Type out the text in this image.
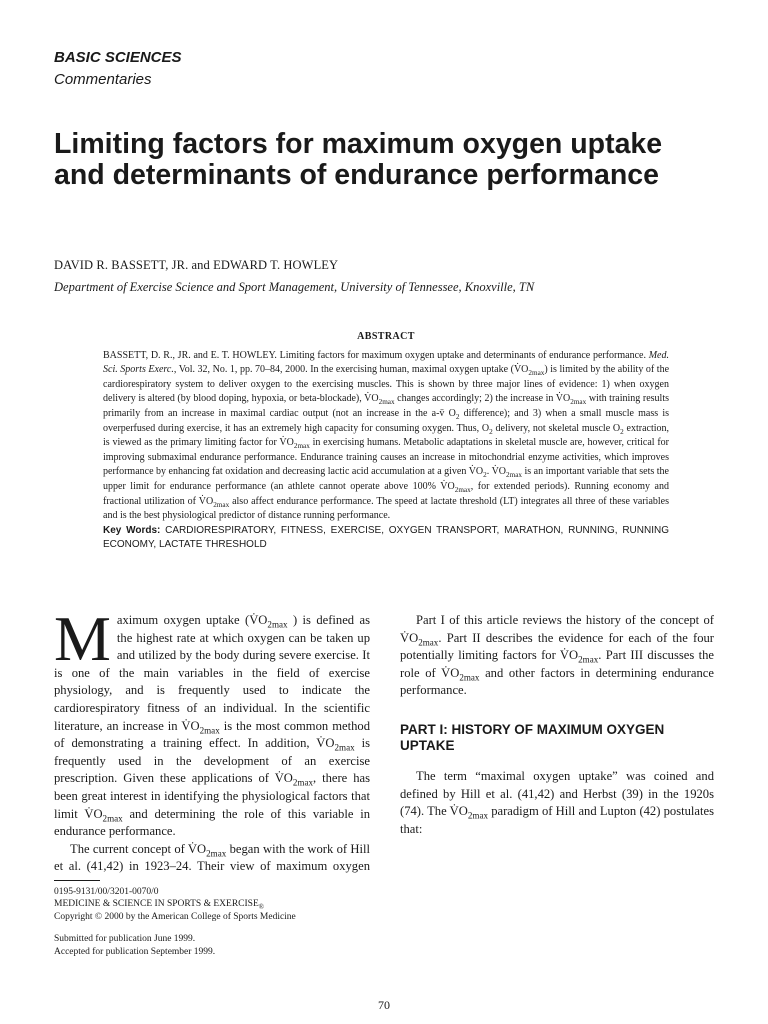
BASIC SCIENCES
Commentaries
Limiting factors for maximum oxygen uptake and determinants of endurance performance
DAVID R. BASSETT, JR. and EDWARD T. HOWLEY
Department of Exercise Science and Sport Management, University of Tennessee, Knoxville, TN
ABSTRACT

BASSETT, D. R., JR. and E. T. HOWLEY. Limiting factors for maximum oxygen uptake and determinants of endurance performance. Med. Sci. Sports Exerc., Vol. 32, No. 1, pp. 70–84, 2000. In the exercising human, maximal oxygen uptake $(V̇O_{2max})$ is limited by the ability of the cardiorespiratory system to deliver oxygen to the exercising muscles. This is shown by three major lines of evidence: 1) when oxygen delivery is altered (by blood doping, hypoxia, or beta-blockade), $V̇O_{2max}$ changes accordingly; 2) the increase in $V̇O_{2max}$ with training results primarily from an increase in maximal cardiac output (not an increase in the a-v̄ $O_2$ difference); and 3) when a small muscle mass is overperfused during exercise, it has an extremely high capacity for consuming oxygen. Thus, $O_2$ delivery, not skeletal muscle $O_2$ extraction, is viewed as the primary limiting factor for $V̇O_{2max}$ in exercising humans. Metabolic adaptations in skeletal muscle are, however, critical for improving submaximal endurance performance. Endurance training causes an increase in mitochondrial enzyme activities, which improves performance by enhancing fat oxidation and decreasing lactic acid accumulation at a given $V̇O_2$. $V̇O_{2max}$ is an important variable that sets the upper limit for endurance performance (an athlete cannot operate above 100% $V̇O_{2max}$, for extended periods). Running economy and fractional utilization of $V̇O_{2max}$ also affect endurance performance. The speed at lactate threshold (LT) integrates all three of these variables and is the best physiological predictor of distance running performance.
Key Words: CARDIORESPIRATORY, FITNESS, EXERCISE, OXYGEN TRANSPORT, MARATHON, RUNNING, RUNNING ECONOMY, LACTATE THRESHOLD

Maximum oxygen uptake ($V̇O_{2max}$ ) is defined as the highest rate at which oxygen can be taken up and utilized by the body during severe exercise. It is one of the main variables in the field of exercise physiology, and is frequently used to indicate the cardiorespiratory fitness of an individual. In the scientific literature, an increase in $V̇O_{2max}$ is the most common method of demonstrating a training effect. In addition, $V̇O_{2max}$ is frequently used in the development of an exercise prescription. Given these applications of $V̇O_{2max}$, there has been great interest in identifying the physiological factors that limit $V̇O_{2max}$ and determining the role of this variable in endurance performance.

The current concept of $V̇O_{2max}$ began with the work of Hill et al. (41,42) in 1923–24. Their view of maximum oxygen

Part I of this article reviews the history of the concept of $V̇O_{2max}$. Part II describes the evidence for each of the four potentially limiting factors for $V̇O_{2max}$. Part III discusses the role of $V̇O_{2max}$ and other factors in determining endurance performance.

PART I: HISTORY OF MAXIMUM OXYGEN UPTAKE

The term “maximal oxygen uptake” was coined and defined by Hill et al. (41,42) and Herbst (39) in the 1920s (74). The $V̇O_{2max}$ paradigm of Hill and Lupton (42) postulates that:

0195-9131/00/3201-0070/0

MEDICINE & SCIENCE IN SPORTS & $EXERCISE_®$

Copyright © 2000 by the American College of Sports Medicine

Submitted for publication June 1999.

Accepted for publication September 1999.

70
